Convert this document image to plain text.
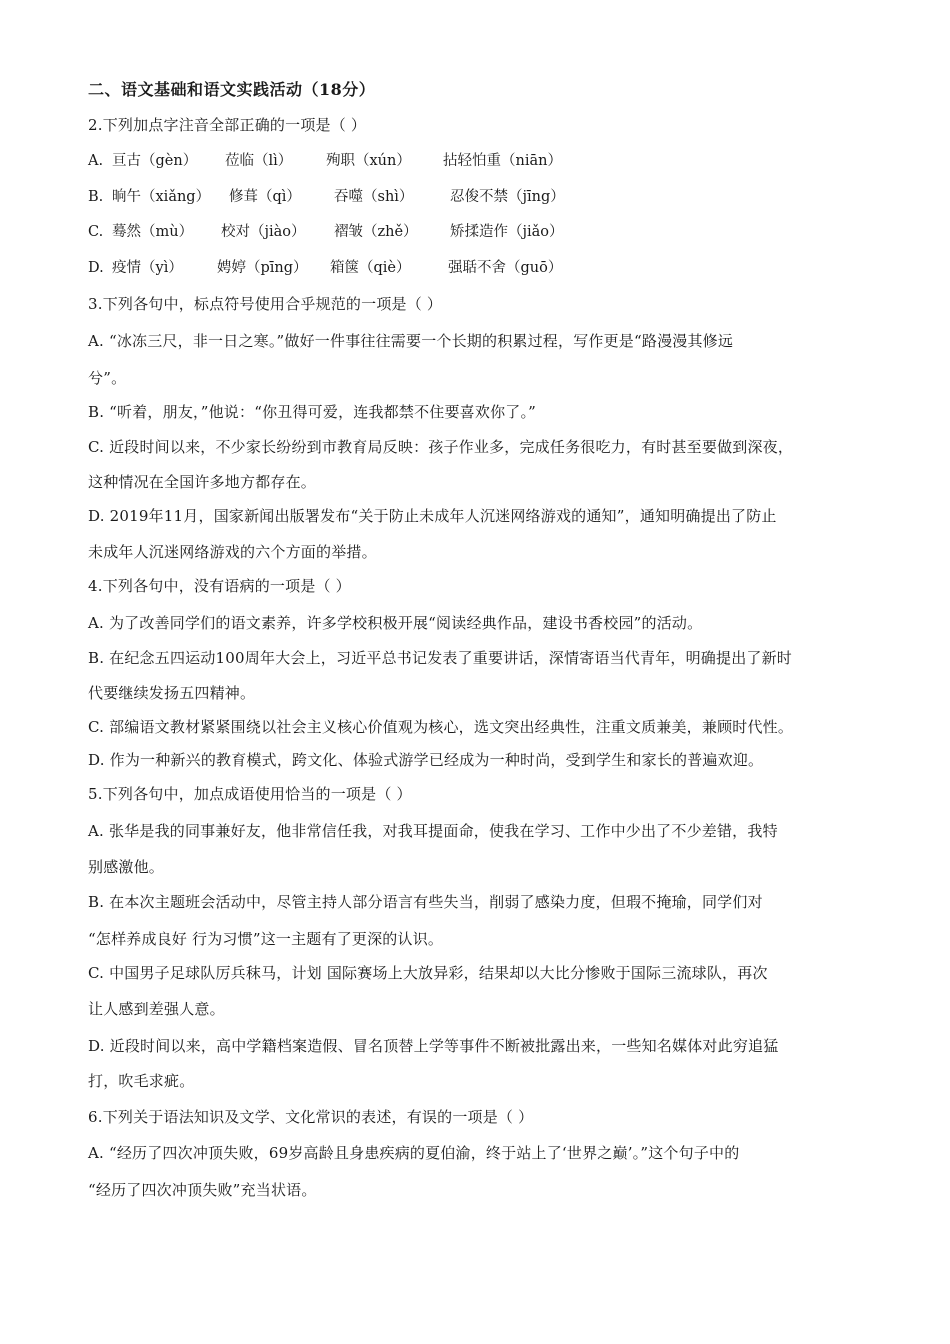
二、语文基础和语文实践活动（18分）
2.下列加点字注音全部正确的一项是（ ）
A. 亘古（gèn） 莅临（lì） 殉职（xún） 拈轻怕重（niān）
B. 晌午（xiǎng） 修葺（qì） 吞噬（shì）	忍俊不禁（jīng）
C. 蓦然（mù） 校对（jiào） 褶皱（zhě） 矫揉造作（jiǎo）
D. 疫情（yì） 娉婷（pīng） 箱箧（qiè）	强聒不舍（guō）
3.下列各句中，标点符号使用合乎规范的一项是（ ）
A. “冰冻三尺，非一日之寒。”做好一件事往往需要一个长期的积累过程，写作更是“路漫漫其修远
兮”。
B. “听着，朋友，”他说：“你丑得可爱，连我都禁不住要喜欢你了。”
C. 近段时间以来，不少家长纷纷到市教育局反映：孩子作业多，完成任务很吃力，有时甚至要做到深夜，
这种情况在全国许多地方都存在。
D. 2019年11月，国家新闻出版署发布“关于防止未成年人沉迷网络游戏的通知”，通知明确提出了防止
未成年人沉迷网络游戏的六个方面的举措。
4.下列各句中，没有语病的一项是（ ）
A. 为了改善同学们的语文素养，许多学校积极开展“阅读经典作品，建设书香校园”的活动。
B. 在纪念五四运动100周年大会上，习近平总书记发表了重要讲话，深情寄语当代青年，明确提出了新时
代要继续发扬五四精神。
C. 部编语文教材紧紧围绕以社会主义核心价值观为核心，选文突出经典性，注重文质兼美，兼顾时代性。
D. 作为一种新兴的教育模式，跨文化、体验式游学已经成为一种时尚，受到学生和家长的普遍欢迎。
5.下列各句中，加点成语使用恰当的一项是（ ）
A. 张华是我的同事兼好友，他非常信任我，对我耳提面命，使我在学习、工作中少出了不少差错，我特
别感激他。
B. 在本次主题班会活动中，尽管主持人部分语言有些失当，削弱了感染力度，但瑕不掩瑜，同学们对
“怎样养成良好 行为习惯”这一主题有了更深的认识。
C. 中国男子足球队厉兵秣马，计划 国际赛场上大放异彩，结果却以大比分惨败于国际三流球队，再次
让人感到差强人意。
D. 近段时间以来，高中学籍档案造假、冒名顶替上学等事件不断被批露出来，一些知名媒体对此穷追猛
打，吹毛求疵。
6.下列关于语法知识及文学、文化常识的表述，有误的一项是（ ）
A. “经历了四次冲顶失败，69岁高龄且身患疾病的夏伯渝，终于站上了‘世界之巅’。”这个句子中的
“经历了四次冲顶失败”充当状语。
